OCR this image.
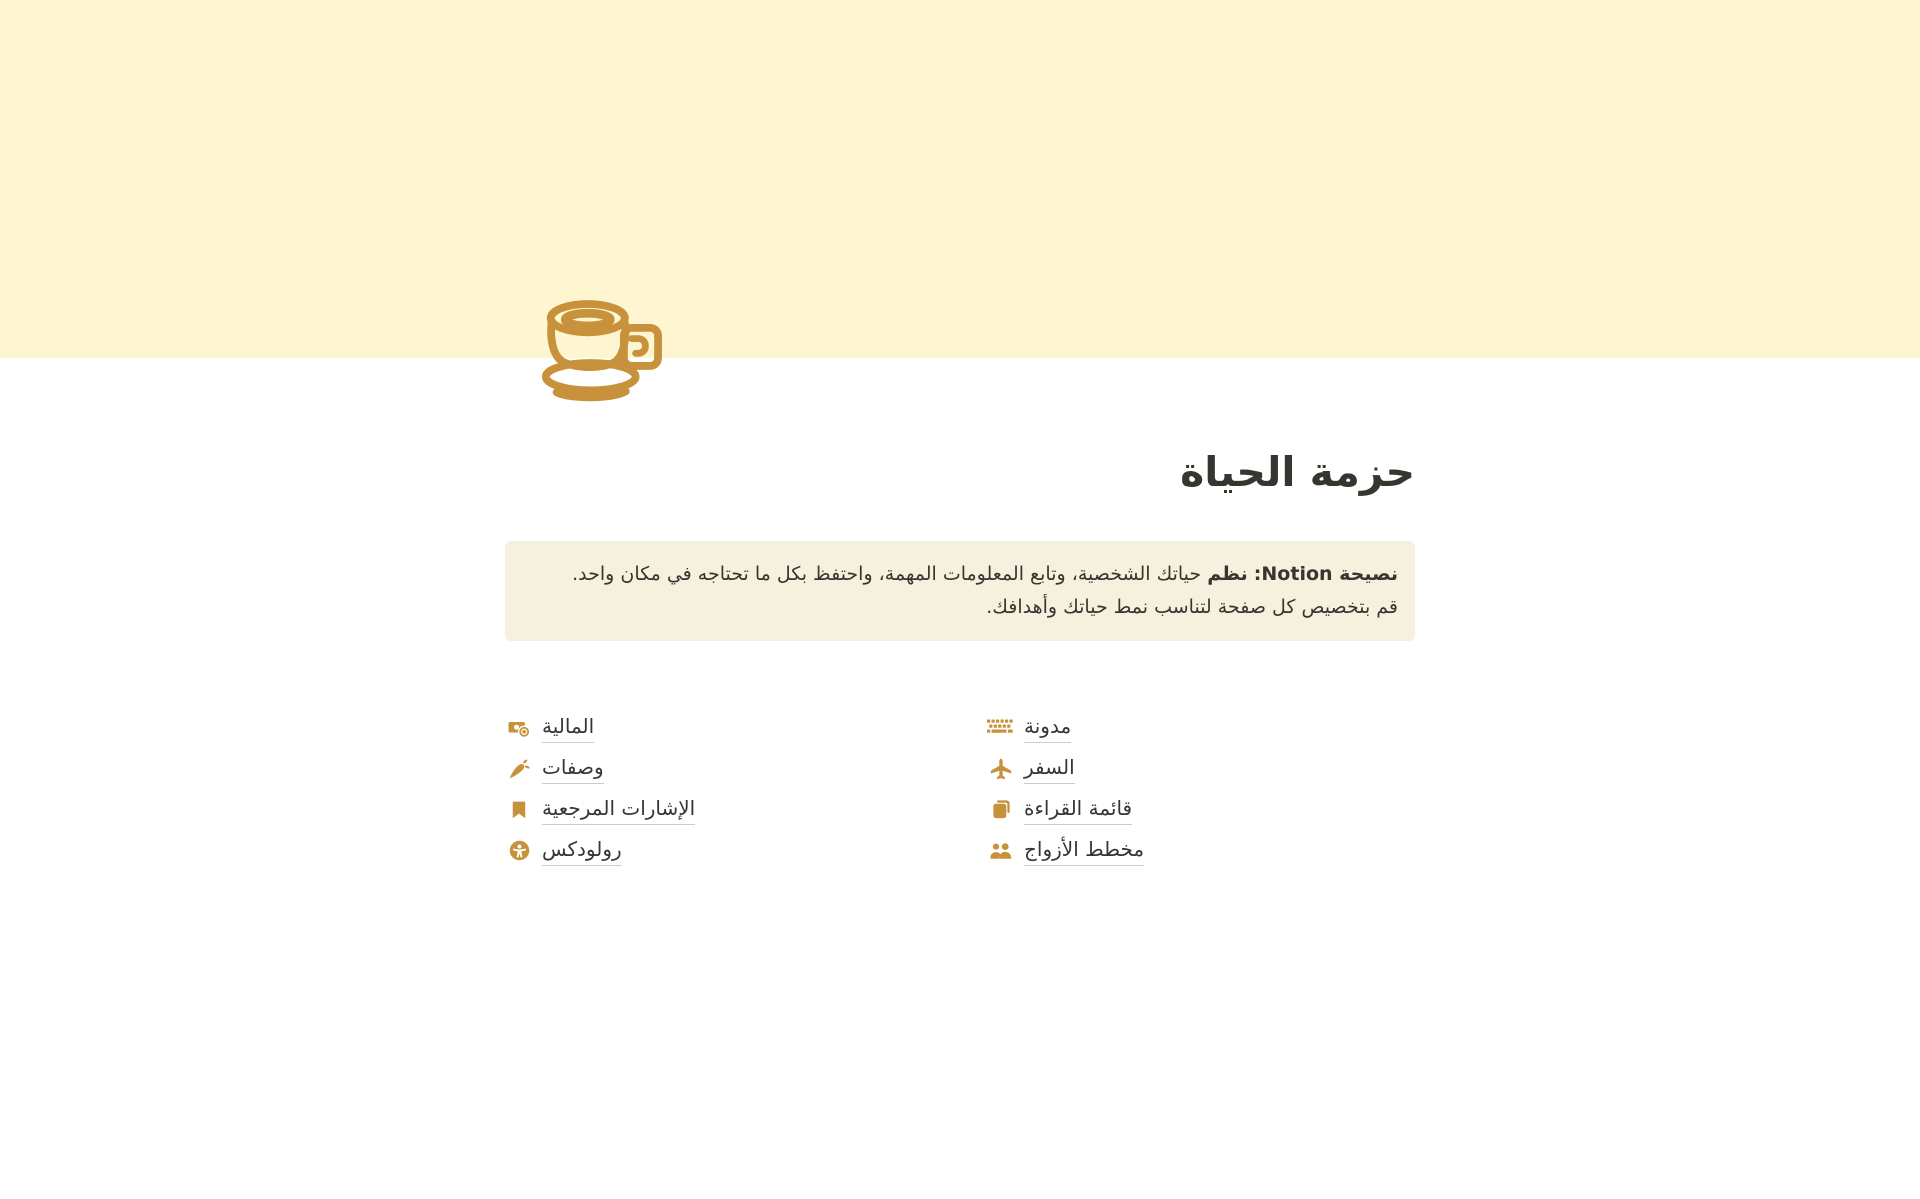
حزمة الحياة
نصيحة Notion: نظم حياتك الشخصية، وتابع المعلومات المهمة، واحتفظ بكل ما تحتاجه في مكان واحد.
قم بتخصيص كل صفحة لتناسب نمط حياتك وأهدافك.
المالية
وصفات
الإشارات المرجعية
رولودكس
مدونة
السفر
قائمة القراءة
مخطط الأزواج
